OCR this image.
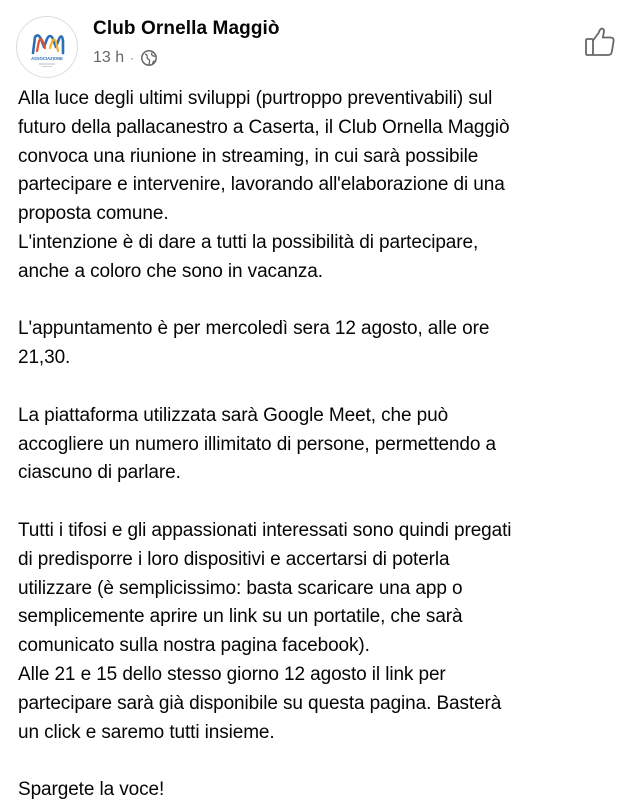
ASSOCIAZIONE
Club Ornella Maggiò
13 h ·

Alla luce degli ultimi sviluppi (purtroppo preventivabili) sul
futuro della pallacanestro a Caserta, il Club Ornella Maggiò
convoca una riunione in streaming, in cui sarà possibile
partecipare e intervenire, lavorando all'elaborazione di una
proposta comune.
L'intenzione è di dare a tutti la possibilità di partecipare,
anche a coloro che sono in vacanza.

L'appuntamento è per mercoledì sera 12 agosto, alle ore
21,30.

La piattaforma utilizzata sarà Google Meet, che può
accogliere un numero illimitato di persone, permettendo a
ciascuno di parlare.

Tutti i tifosi e gli appassionati interessati sono quindi pregati
di predisporre i loro dispositivi e accertarsi di poterla
utilizzare (è semplicissimo: basta scaricare una app o
semplicemente aprire un link su un portatile, che sarà
comunicato sulla nostra pagina facebook).
Alle 21 e 15 dello stesso giorno 12 agosto il link per
partecipare sarà già disponibile su questa pagina. Basterà
un click e saremo tutti insieme.

Spargete la voce!
